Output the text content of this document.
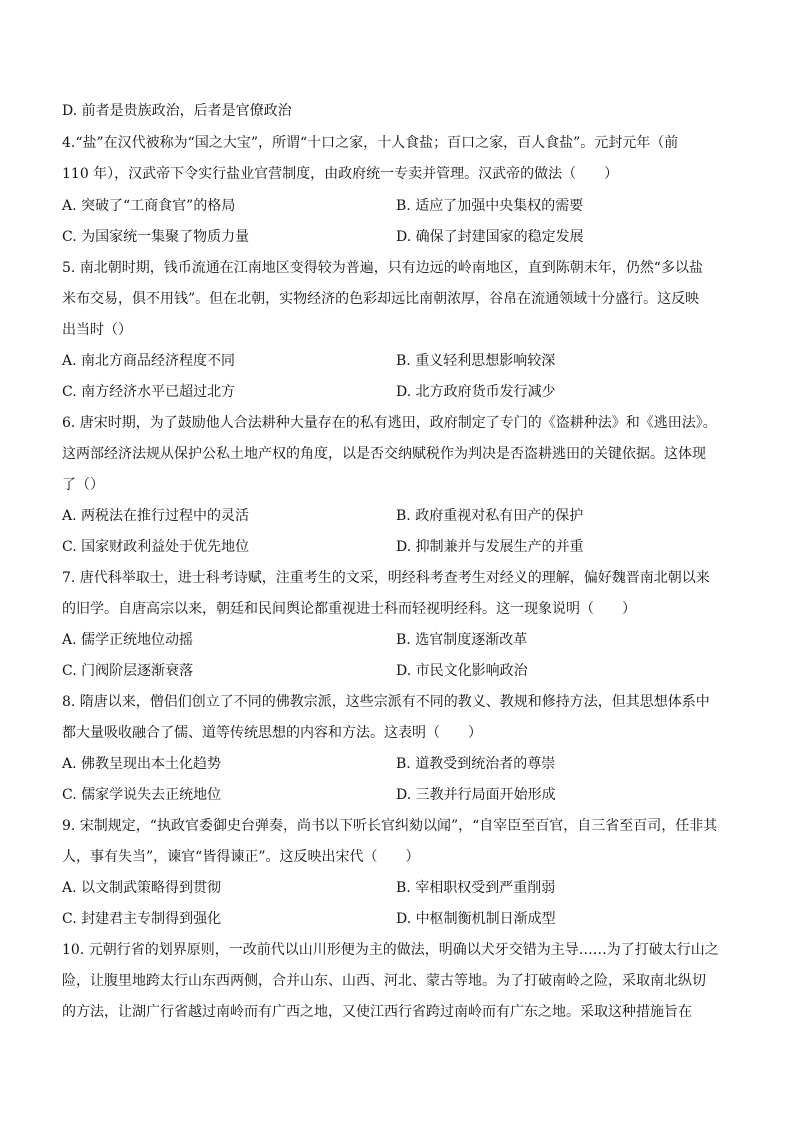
D. 前者是贵族政治，后者是官僚政治
4.“盐”在汉代被称为“国之大宝”，所谓“十口之家，十人食盐；百口之家，百人食盐”。元封元年（前
110 年），汉武帝下令实行盐业官营制度，由政府统一专卖并管理。汉武帝的做法（　　）
A. 突破了“工商食官”的格局	B. 适应了加强中央集权的需要
C. 为国家统一集聚了物质力量	D. 确保了封建国家的稳定发展
5. 南北朝时期，钱币流通在江南地区变得较为普遍，只有边远的岭南地区，直到陈朝末年，仍然“多以盐
米布交易，俱不用钱”。但在北朝，实物经济的色彩却远比南朝浓厚，谷帛在流通领域十分盛行。这反映
出当时（）
A. 南北方商品经济程度不同	B. 重义轻利思想影响较深
C. 南方经济水平已超过北方	D. 北方政府货币发行减少
6. 唐宋时期，为了鼓励他人合法耕种大量存在的私有逃田，政府制定了专门的《盗耕种法》和《逃田法》。
这两部经济法规从保护公私土地产权的角度，以是否交纳赋税作为判决是否盗耕逃田的关键依据。这体现
了（）
A. 两税法在推行过程中的灵活	B. 政府重视对私有田产的保护
C. 国家财政利益处于优先地位	D. 抑制兼并与发展生产的并重
7. 唐代科举取士，进士科考诗赋，注重考生的文采，明经科考查考生对经义的理解，偏好魏晋南北朝以来
的旧学。自唐高宗以来，朝廷和民间舆论都重视进士科而轻视明经科。这一现象说明（　　）
A. 儒学正统地位动摇	B. 选官制度逐渐改革
C. 门阀阶层逐渐衰落	D. 市民文化影响政治
8. 隋唐以来，僧侣们创立了不同的佛教宗派，这些宗派有不同的教义、教规和修持方法，但其思想体系中
都大量吸收融合了儒、道等传统思想的内容和方法。这表明（　　）
A. 佛教呈现出本土化趋势	B. 道教受到统治者的尊崇
C. 儒家学说失去正统地位	D. 三教并行局面开始形成
9. 宋制规定，“执政官委御史台弹奏，尚书以下听长官纠劾以闻”，“自宰臣至百官，自三省至百司，任非其
人，事有失当”，谏官“皆得谏正”。这反映出宋代（　　）
A. 以文制武策略得到贯彻	B. 宰相职权受到严重削弱
C. 封建君主专制得到强化	D. 中枢制衡机制日渐成型
10. 元朝行省的划界原则，一改前代以山川形便为主的做法，明确以犬牙交错为主导……为了打破太行山之
险，让腹里地跨太行山东西两侧，合并山东、山西、河北、蒙古等地。为了打破南岭之险，采取南北纵切
的方法，让湖广行省越过南岭而有广西之地，又使江西行省跨过南岭而有广东之地。采取这种措施旨在
